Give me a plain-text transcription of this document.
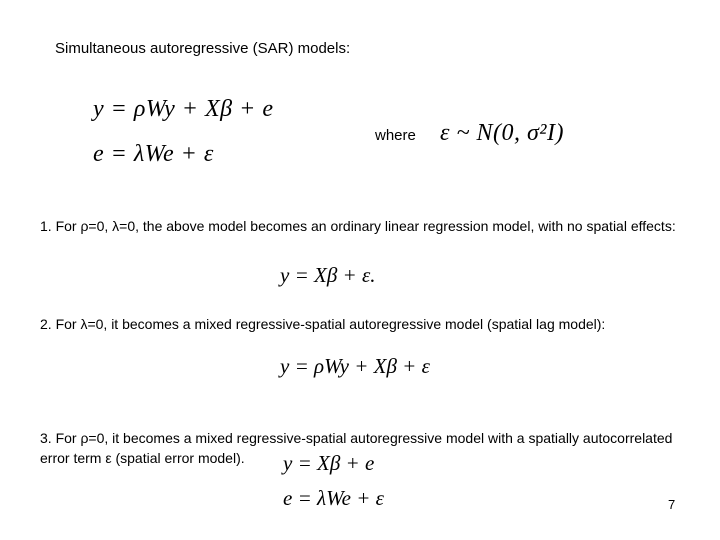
Simultaneous autoregressive (SAR) models:
y = ρWy + Xβ + e
e = λWe + ε
where ε ~ N(0, σ²I)
1. For ρ=0, λ=0, the above model becomes an ordinary linear regression model, with no spatial effects:
y = Xβ + ε.
2. For λ=0, it becomes a mixed regressive-spatial autoregressive model (spatial lag model):
y = ρWy + Xβ + ε
y = Xβ + e
3. For ρ=0, it becomes a mixed regressive-spatial autoregressive model with a spatially autocorrelated error term ε (spatial error model).
e = λWe + ε	7
